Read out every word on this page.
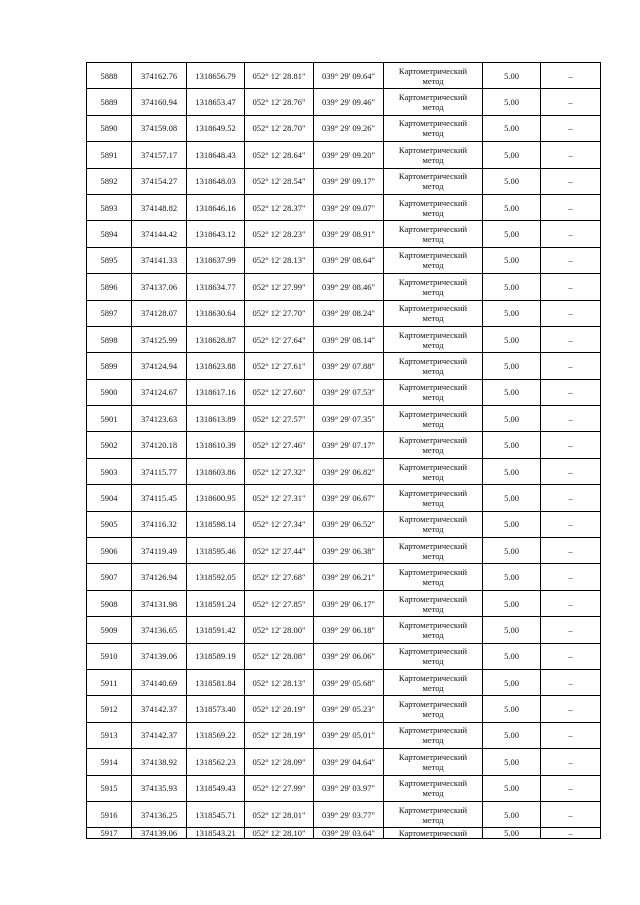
5888	374162.76	1318656.79	052° 12' 28.81"	039° 29' 09.64"	Картометрический
метод	5.00	–
5889	374160.94	1318653.47	052° 12' 28.76"	039° 29' 09.46"	Картометрический
метод	5.00	–
5890	374159.08	1318649.52	052° 12' 28.70"	039° 29' 09.26"	Картометрический
метод	5.00	–
5891	374157.17	1318648.43	052° 12' 28.64"	039° 29' 09.20"	Картометрический
метод	5.00	–
5892	374154.27	1318648.03	052° 12' 28.54"	039° 29' 09.17"	Картометрический
метод	5.00	–
5893	374148.82	1318646.16	052° 12' 28.37"	039° 29' 09.07"	Картометрический
метод	5.00	–
5894	374144.42	1318643.12	052° 12' 28.23"	039° 29' 08.91"	Картометрический
метод	5.00	–
5895	374141.33	1318637.99	052° 12' 28.13"	039° 29' 08.64"	Картометрический
метод	5.00	–
5896	374137.06	1318634.77	052° 12' 27.99"	039° 29' 08.46"	Картометрический
метод	5.00	–
5897	374128.07	1318630.64	052° 12' 27.70"	039° 29' 08.24"	Картометрический
метод	5.00	–
5898	374125.99	1318628.87	052° 12' 27.64"	039° 29' 08.14"	Картометрический
метод	5.00	–
5899	374124.94	1318623.88	052° 12' 27.61"	039° 29' 07.88"	Картометрический
метод	5.00	–
5900	374124.67	1318617.16	052° 12' 27.60"	039° 29' 07.53"	Картометрический
метод	5.00	–
5901	374123.63	1318613.89	052° 12' 27.57"	039° 29' 07.35"	Картометрический
метод	5.00	–
5902	374120.18	1318610.39	052° 12' 27.46"	039° 29' 07.17"	Картометрический
метод	5.00	–
5903	374115.77	1318603.86	052° 12' 27.32"	039° 29' 06.82"	Картометрический
метод	5.00	–
5904	374115.45	1318600.95	052° 12' 27.31"	039° 29' 06.67"	Картометрический
метод	5.00	–
5905	374116.32	1318598.14	052° 12' 27.34"	039° 29' 06.52"	Картометрический
метод	5.00	–
5906	374119.49	1318595.46	052° 12' 27.44"	039° 29' 06.38"	Картометрический
метод	5.00	–
5907	374126.94	1318592.05	052° 12' 27.68"	039° 29' 06.21"	Картометрический
метод	5.00	–
5908	374131.98	1318591.24	052° 12' 27.85"	039° 29' 06.17"	Картометрический
метод	5.00	–
5909	374136.65	1318591.42	052° 12' 28.00"	039° 29' 06.18"	Картометрический
метод	5.00	–
5910	374139.06	1318589.19	052° 12' 28.08"	039° 29' 06.06"	Картометрический
метод	5.00	–
5911	374140.69	1318581.84	052° 12' 28.13"	039° 29' 05.68"	Картометрический
метод	5.00	–
5912	374142.37	1318573.40	052° 12' 28.19"	039° 29' 05.23"	Картометрический
метод	5.00	–
5913	374142.37	1318569.22	052° 12' 28.19"	039° 29' 05.01"	Картометрический
метод	5.00	–
5914	374138.92	1318562.23	052° 12' 28.09"	039° 29' 04.64"	Картометрический
метод	5.00	–
5915	374135.93	1318549.43	052° 12' 27.99"	039° 29' 03.97"	Картометрический
метод	5.00	–
5916	374136.25	1318545.71	052° 12' 28.01"	039° 29' 03.77"	Картометрический
метод	5.00	–
5917	374139.06	1318543.21	052° 12' 28.10"	039° 29' 03.64"	Картометрический	5.00	–
